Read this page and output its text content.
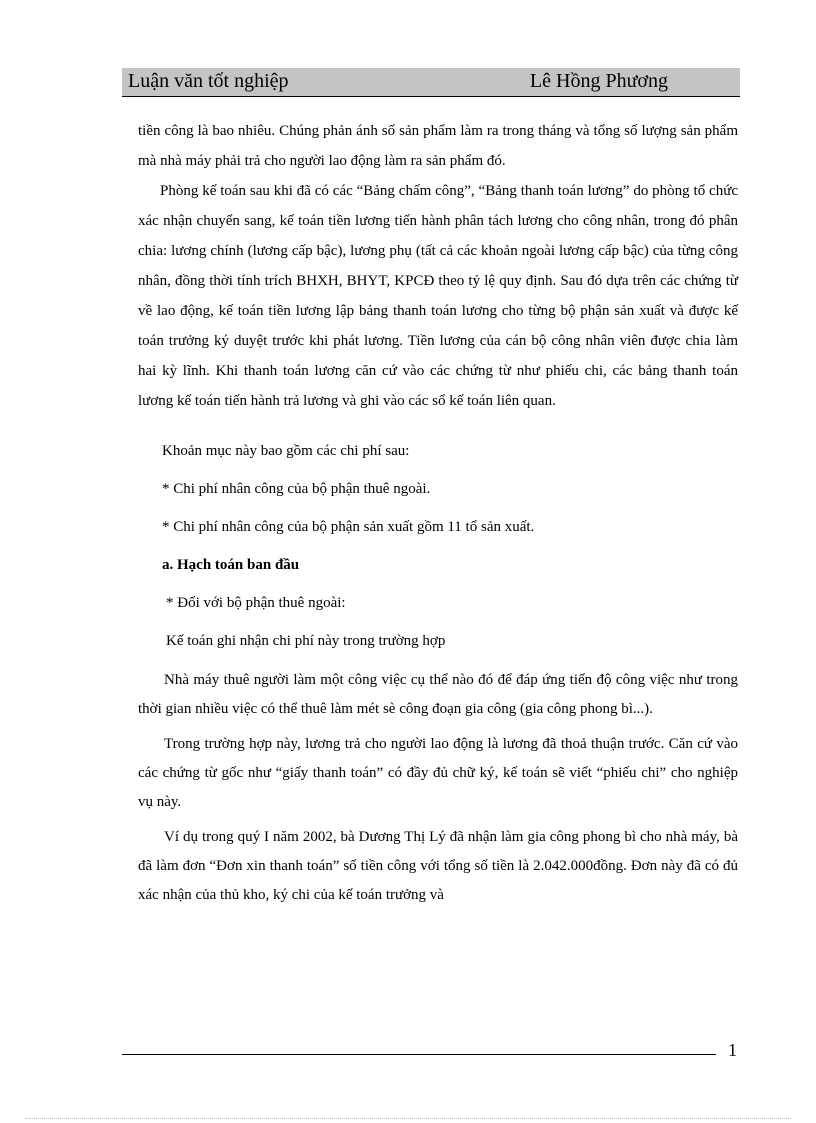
Luận văn tốt nghiệp	Lê Hồng Phương

tiền công là bao nhiêu. Chúng phản ánh số sản phẩm làm ra trong tháng và tổng số lượng sản phẩm mà nhà máy phải trả cho người lao động làm ra sản phẩm đó.

Phòng kế toán sau khi đã có các “Bảng chấm công”, “Bảng thanh toán lương” do phòng tổ chức xác nhận chuyển sang, kế toán tiền lương tiến hành phân tách lương cho công nhân, trong đó phân chia: lương chính (lương cấp bậc), lương phụ (tất cả các khoản ngoài lương cấp bậc) của từng công nhân, đồng thời tính trích BHXH, BHYT, KPCĐ theo tỷ lệ quy định. Sau đó dựa trên các chứng từ về lao động, kế toán tiền lương lập bảng thanh toán lương cho từng bộ phận sản xuất và được kế toán trưởng ký duyệt trước khi phát lương. Tiền lương của cán bộ công nhân viên được chia làm hai kỳ lĩnh. Khi thanh toán lương căn cứ vào các chứng từ như phiếu chi, các bảng thanh toán lương kế toán tiến hành trả lương và ghi vào các sổ kế toán liên quan.

Khoản mục này bao gồm các chi phí sau:

* Chi phí nhân công của bộ phận thuê ngoài.

* Chi phí nhân công của bộ phận sản xuất gồm 11 tổ sản xuất.

a. Hạch toán ban đầu

* Đối với bộ phận thuê ngoài:

Kế toán ghi nhận chi phí này trong trường hợp

Nhà máy thuê người làm một công việc cụ thể nào đó để đáp ứng tiến độ công việc như trong thời gian nhiều việc có thể thuê làm mét sè công đoạn gia công (gia công phong bì...).

Trong trường hợp này, lương trả cho người lao động là lương đã thoả thuận trước. Căn cứ vào các chứng từ gốc như “giấy thanh toán” có đầy đủ chữ ký, kế toán sẽ viết “phiếu chi” cho nghiệp vụ này.

Ví dụ trong quý I năm 2002, bà Dương Thị Lý đã nhận làm gia công phong bì cho nhà máy, bà đã làm đơn “Đơn xin thanh toán” số tiền công với tổng số tiền là 2.042.000đồng. Đơn này đã có đủ xác nhận của thủ kho, ký chi của kế toán trưởng và

1
